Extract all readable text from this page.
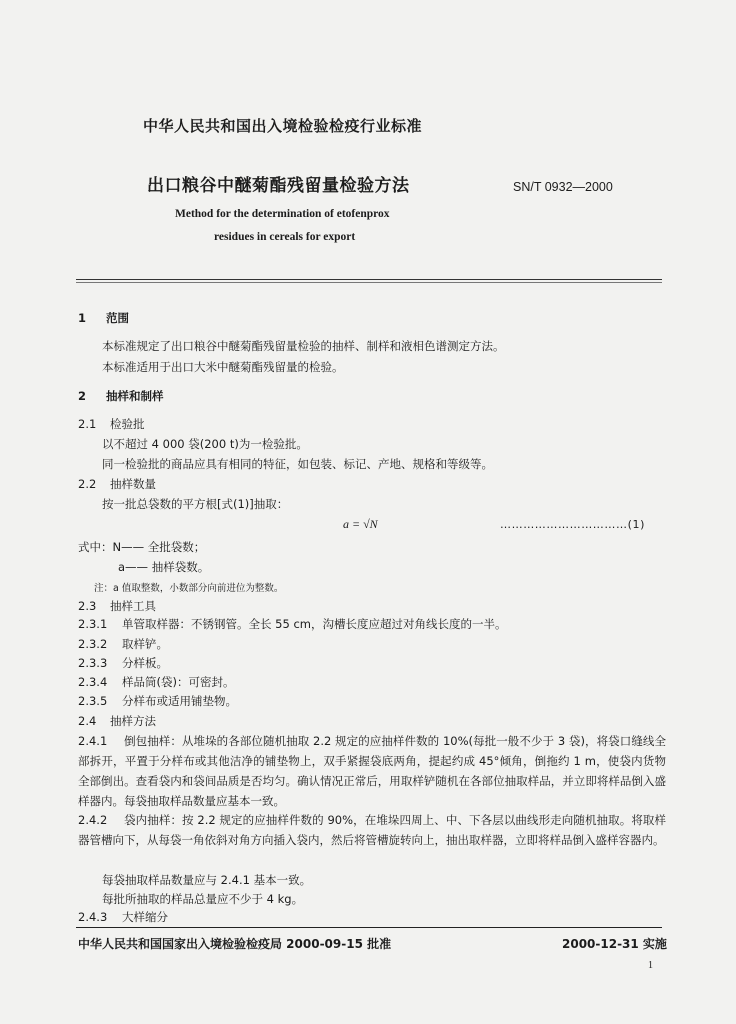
中华人民共和国出入境检验检疫行业标准
出口粮谷中醚菊酯残留量检验方法	SN/T 0932—2000
Method for the determination of etofenprox
residues in cereals for export
1 范围
本标准规定了出口粮谷中醚菊酯残留量检验的抽样、制样和液相色谱测定方法。
本标准适用于出口大米中醚菊酯残留量的检验。
2 抽样和制样
2.1 检验批
以不超过 4 000 袋(200 t)为一检验批。
同一检验批的商品应具有相同的特征，如包装、标记、产地、规格和等级等。
2.2 抽样数量
按一批总袋数的平方根[式(1)]抽取：
a = √N	……………………………(1)
式中：N—— 全批袋数；
a—— 抽样袋数。
注：a 值取整数，小数部分向前进位为整数。
2.3 抽样工具
2.3.1 单管取样器：不锈钢管。全长 55 cm，沟槽长度应超过对角线长度的一半。
2.3.2 取样铲。
2.3.3 分样板。
2.3.4 样品筒(袋)：可密封。
2.3.5 分样布或适用铺垫物。
2.4 抽样方法
2.4.1 倒包抽样：从堆垛的各部位随机抽取 2.2 规定的应抽样件数的 10%(每批一般不少于 3 袋)，将袋口缝线全部拆开，平置于分样布或其他洁净的铺垫物上，双手紧握袋底两角，提起约成 45°倾角，倒拖约 1 m，使袋内货物全部倒出。查看袋内和袋间品质是否均匀。确认情况正常后，用取样铲随机在各部位抽取样品，并立即将样品倒入盛样器内。每袋抽取样品数量应基本一致。
2.4.2 袋内抽样：按 2.2 规定的应抽样件数的 90%，在堆垛四周上、中、下各层以曲线形走向随机抽取。将取样器管槽向下，从每袋一角依斜对角方向插入袋内，然后将管槽旋转向上，抽出取样器，立即将样品倒入盛样容器内。
每袋抽取样品数量应与 2.4.1 基本一致。
每批所抽取的样品总量应不少于 4 kg。
2.4.3 大样缩分
中华人民共和国国家出入境检验检疫局 2000-09-15 批准	2000-12-31 实施
1
